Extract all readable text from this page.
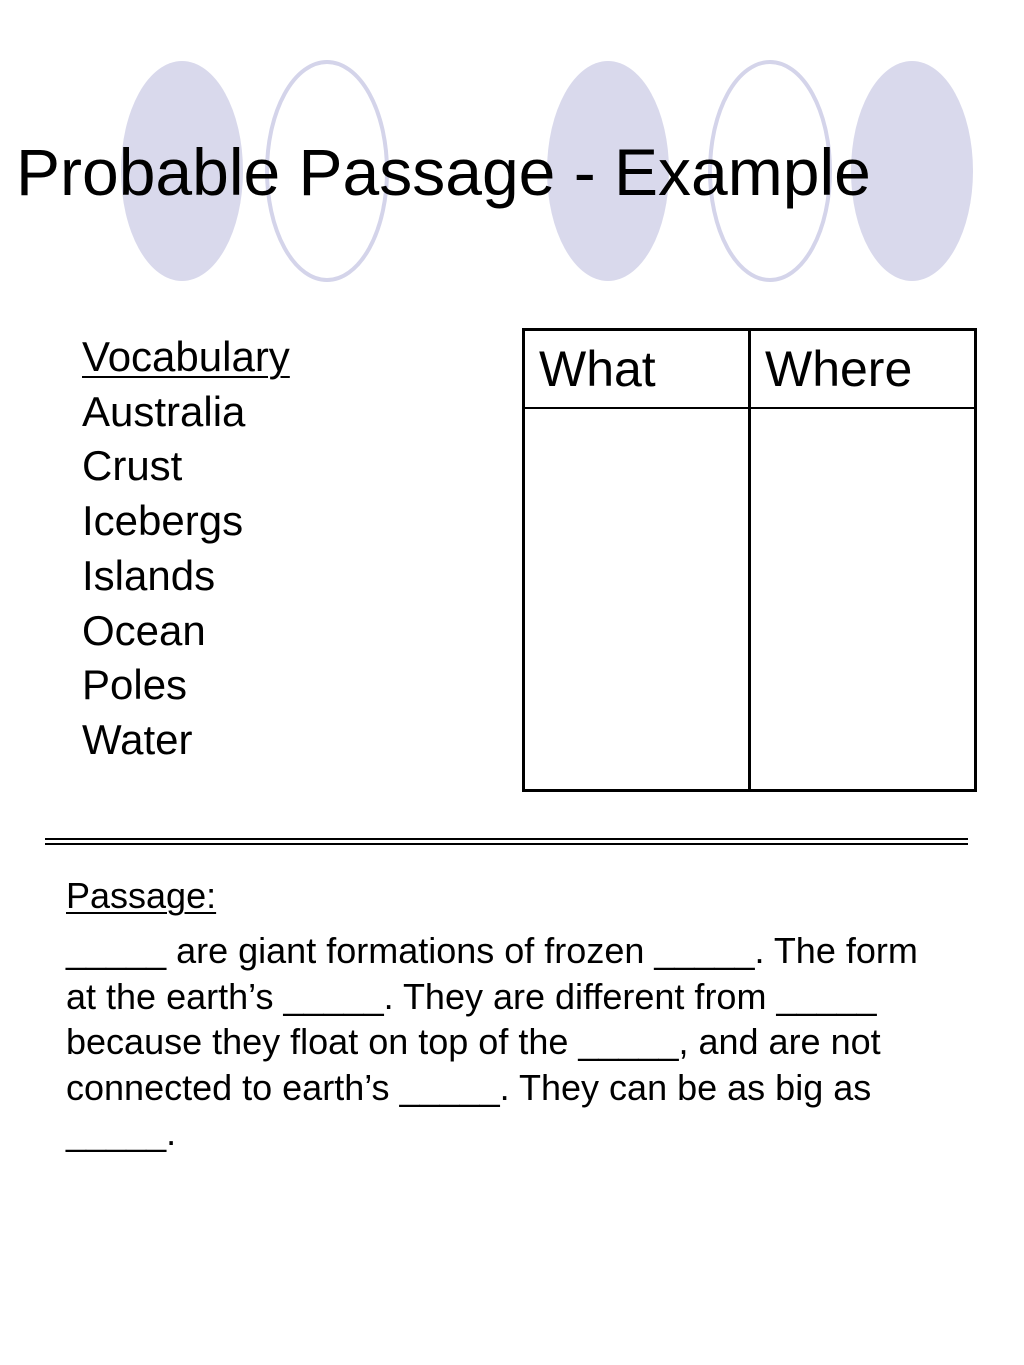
Probable Passage - Example
Vocabulary
Australia
Crust
Icebergs
Islands
Ocean
Poles
Water
What	Where

Passage:
_____ are giant formations of frozen _____. The form
at the earth’s _____. They are different from _____
because they float on top of the _____, and are not
connected to earth’s _____. They can be as big as
_____.
